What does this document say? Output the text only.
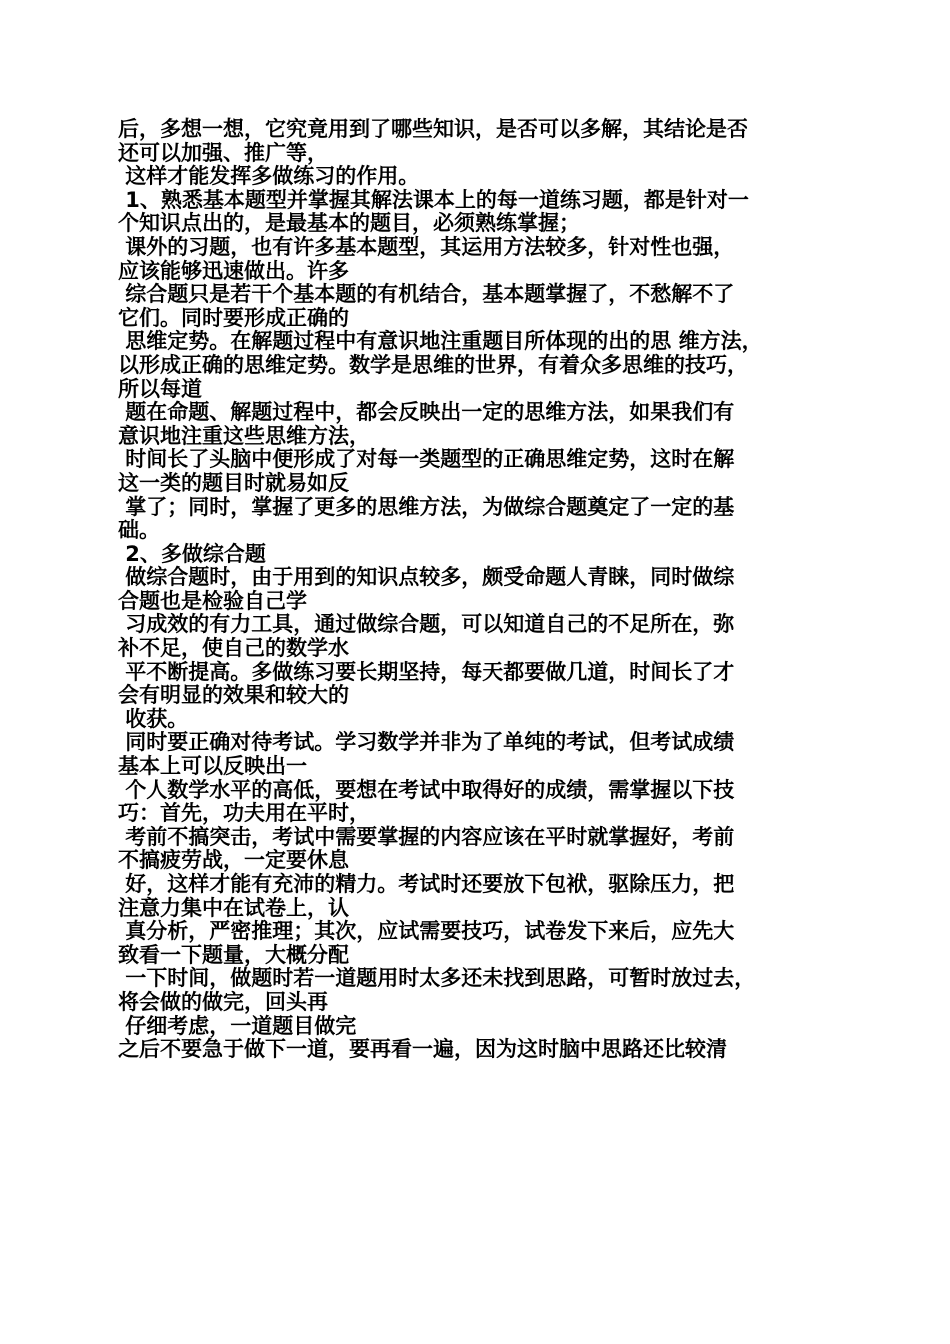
后，多想一想，它究竟用到了哪些知识，是否可以多解，其结论是否
还可以加强、推广等，
这样才能发挥多做练习的作用。
1、熟悉基本题型并掌握其解法课本上的每一道练习题，都是针对一
个知识点出的，是最基本的题目，必须熟练掌握；
课外的习题，也有许多基本题型，其运用方法较多，针对性也强，
应该能够迅速做出。许多
综合题只是若干个基本题的有机结合，基本题掌握了，不愁解不了
它们。同时要形成正确的
思维定势。在解题过程中有意识地注重题目所体现的出的思 维方法，
以形成正确的思维定势。数学是思维的世界，有着众多思维的技巧，
所以每道
题在命题、解题过程中，都会反映出一定的思维方法，如果我们有
意识地注重这些思维方法，
时间长了头脑中便形成了对每一类题型的正确思维定势，这时在解
这一类的题目时就易如反
掌了；同时，掌握了更多的思维方法，为做综合题奠定了一定的基
础。
2、多做综合题
做综合题时，由于用到的知识点较多，颇受命题人青睐，同时做综
合题也是检验自己学
习成效的有力工具，通过做综合题，可以知道自己的不足所在，弥
补不足，使自己的数学水
平不断提高。多做练习要长期坚持，每天都要做几道，时间长了才
会有明显的效果和较大的
收获。
同时要正确对待考试。学习数学并非为了单纯的考试，但考试成绩
基本上可以反映出一
个人数学水平的高低，要想在考试中取得好的成绩，需掌握以下技
巧：首先，功夫用在平时，
考前不搞突击，考试中需要掌握的内容应该在平时就掌握好，考前
不搞疲劳战，一定要休息
好，这样才能有充沛的精力。考试时还要放下包袱，驱除压力，把
注意力集中在试卷上，认
真分析，严密推理；其次，应试需要技巧，试卷发下来后，应先大
致看一下题量，大概分配
一下时间，做题时若一道题用时太多还未找到思路，可暂时放过去，
将会做的做完，回头再
仔细考虑，一道题目做完
之后不要急于做下一道，要再看一遍，因为这时脑中思路还比较清
